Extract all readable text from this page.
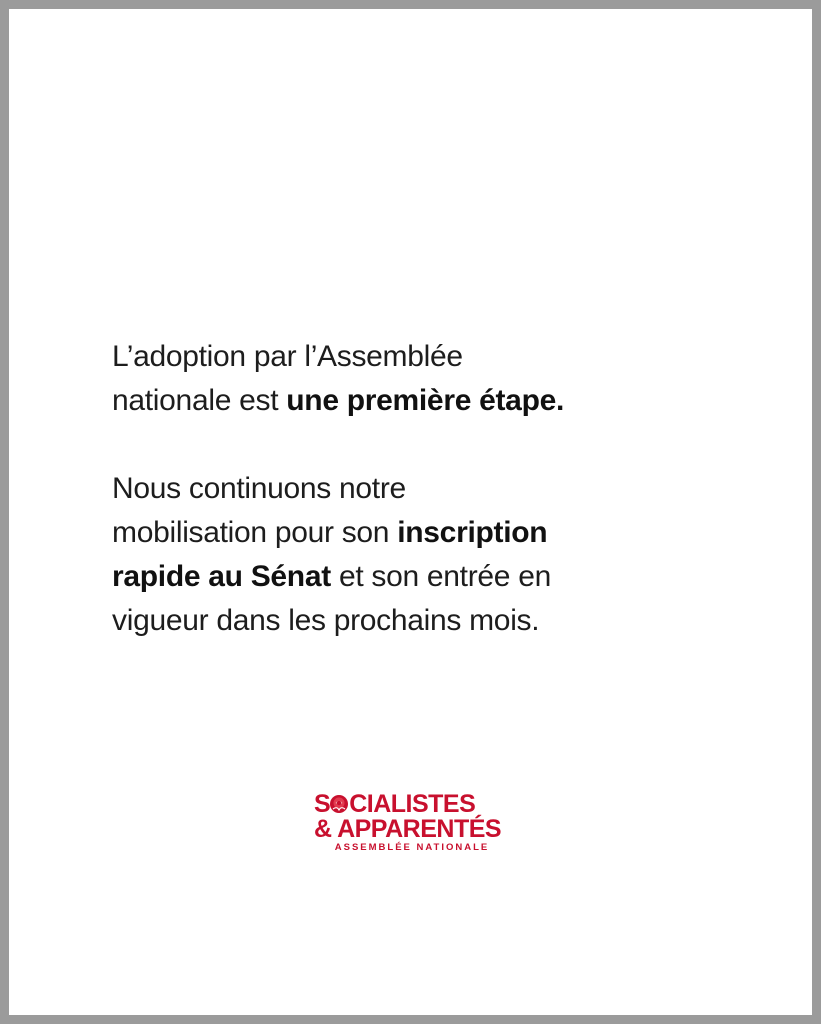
L’adoption par l’Assemblée
nationale est une première étape.

Nous continuons notre
mobilisation pour son inscription
rapide au Sénat et son entrée en
vigueur dans les prochains mois.

S CIALISTES
& APPARENTÉS
ASSEMBLÉE NATIONALE
